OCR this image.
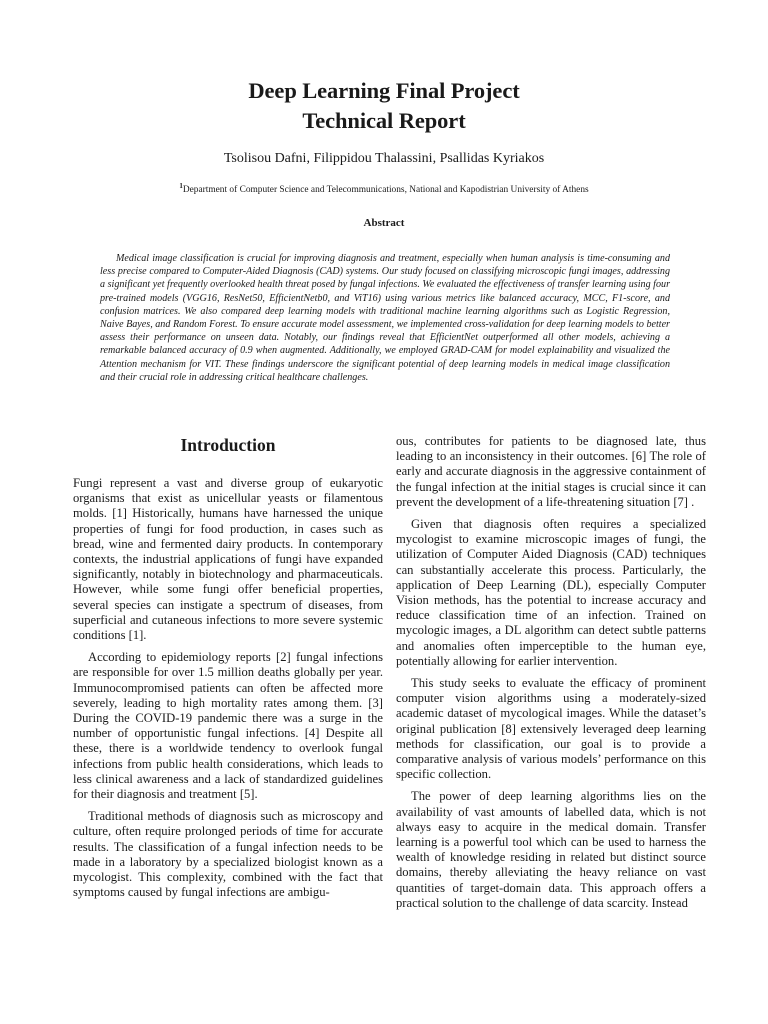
Deep Learning Final Project
Technical Report
Tsolisou Dafni, Filippidou Thalassini, Psallidas Kyriakos
$^1$Department of Computer Science and Telecommunications, National and Kapodistrian University of Athens
Abstract
Medical image classification is crucial for improving diagnosis and treatment, especially when human analysis is time-consuming and less precise compared to Computer-Aided Diagnosis (CAD) systems. Our study focused on classifying microscopic fungi images, addressing a significant yet frequently overlooked health threat posed by fungal infections. We evaluated the effectiveness of transfer learning using four pre-trained models (VGG16, ResNet50, EfficientNetb0, and ViT16) using various metrics like balanced accuracy, MCC, F1-score, and confusion matrices. We also compared deep learning models with traditional machine learning algorithms such as Logistic Regression, Naive Bayes, and Random Forest. To ensure accurate model assessment, we implemented cross-validation for deep learning models to better assess their performance on unseen data. Notably, our findings reveal that EfficientNet outperformed all other models, achieving a remarkable balanced accuracy of 0.9 when augmented. Additionally, we employed GRAD-CAM for model explainability and visualized the Attention mechanism for VIT. These findings underscore the significant potential of deep learning models in medical image classification and their crucial role in addressing critical healthcare challenges.
Introduction

Fungi represent a vast and diverse group of eukaryotic organisms that exist as unicellular yeasts or filamentous molds. [1] Historically, humans have harnessed the unique properties of fungi for food production, in cases such as bread, wine and fermented dairy products. In contemporary contexts, the industrial applications of fungi have expanded significantly, notably in biotechnology and pharmaceuticals. However, while some fungi offer beneficial properties, several species can instigate a spectrum of diseases, from superficial and cutaneous infections to more severe systemic conditions [1].

According to epidemiology reports [2] fungal infections are responsible for over 1.5 million deaths globally per year. Immunocompromised patients can often be affected more severely, leading to high mortality rates among them. [3] During the COVID-19 pandemic there was a surge in the number of opportunistic fungal infections. [4] Despite all these, there is a worldwide tendency to overlook fungal infections from public health considerations, which leads to less clinical awareness and a lack of standardized guidelines for their diagnosis and treatment [5].

Traditional methods of diagnosis such as microscopy and culture, often require prolonged periods of time for accurate results. The classification of a fungal infection needs to be made in a laboratory by a specialized biologist known as a mycologist. This complexity, combined with the fact that symptoms caused by fungal infections are ambigu-

ous, contributes for patients to be diagnosed late, thus leading to an inconsistency in their outcomes. [6] The role of early and accurate diagnosis in the aggressive containment of the fungal infection at the initial stages is crucial since it can prevent the development of a life-threatening situation [7] .

Given that diagnosis often requires a specialized mycologist to examine microscopic images of fungi, the utilization of Computer Aided Diagnosis (CAD) techniques can substantially accelerate this process. Particularly, the application of Deep Learning (DL), especially Computer Vision methods, has the potential to increase accuracy and reduce classification time of an infection. Trained on mycologic images, a DL algorithm can detect subtle patterns and anomalies often imperceptible to the human eye, potentially allowing for earlier intervention.

This study seeks to evaluate the efficacy of prominent computer vision algorithms using a moderately-sized academic dataset of mycological images. While the dataset’s original publication [8] extensively leveraged deep learning methods for classification, our goal is to provide a comparative analysis of various models’ performance on this specific collection.

The power of deep learning algorithms lies on the availability of vast amounts of labelled data, which is not always easy to acquire in the medical domain. Transfer learning is a powerful tool which can be used to harness the wealth of knowledge residing in related but distinct source domains, thereby alleviating the heavy reliance on vast quantities of target-domain data. This approach offers a practical solution to the challenge of data scarcity. Instead
